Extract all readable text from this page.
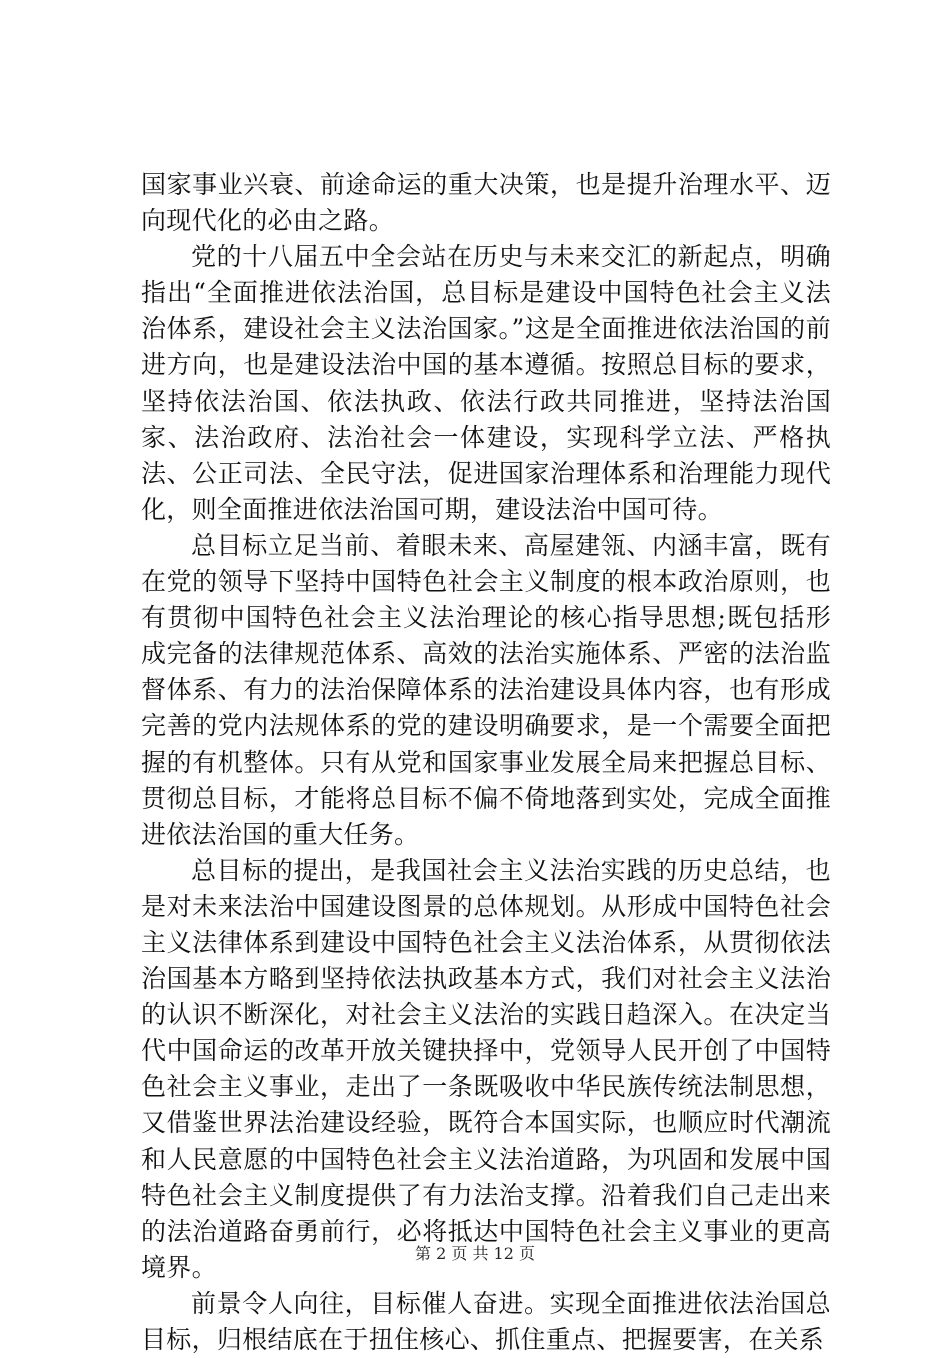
国家事业兴衰、前途命运的重大决策，也是提升治理水平、迈向现代化的必由之路。

党的十八届五中全会站在历史与未来交汇的新起点，明确指出“全面推进依法治国，总目标是建设中国特色社会主义法治体系，建设社会主义法治国家。”这是全面推进依法治国的前进方向，也是建设法治中国的基本遵循。按照总目标的要求，坚持依法治国、依法执政、依法行政共同推进，坚持法治国家、法治政府、法治社会一体建设，实现科学立法、严格执法、公正司法、全民守法，促进国家治理体系和治理能力现代化，则全面推进依法治国可期，建设法治中国可待。

总目标立足当前、着眼未来、高屋建瓴、内涵丰富，既有在党的领导下坚持中国特色社会主义制度的根本政治原则，也有贯彻中国特色社会主义法治理论的核心指导思想;既包括形成完备的法律规范体系、高效的法治实施体系、严密的法治监督体系、有力的法治保障体系的法治建设具体内容，也有形成完善的党内法规体系的党的建设明确要求，是一个需要全面把握的有机整体。只有从党和国家事业发展全局来把握总目标、贯彻总目标，才能将总目标不偏不倚地落到实处，完成全面推进依法治国的重大任务。

总目标的提出，是我国社会主义法治实践的历史总结，也是对未来法治中国建设图景的总体规划。从形成中国特色社会主义法律体系到建设中国特色社会主义法治体系，从贯彻依法治国基本方略到坚持依法执政基本方式，我们对社会主义法治的认识不断深化，对社会主义法治的实践日趋深入。在决定当代中国命运的改革开放关键抉择中，党领导人民开创了中国特色社会主义事业，走出了一条既吸收中华民族传统法制思想，又借鉴世界法治建设经验，既符合本国实际，也顺应时代潮流和人民意愿的中国特色社会主义法治道路，为巩固和发展中国特色社会主义制度提供了有力法治支撑。沿着我们自己走出来的法治道路奋勇前行，必将抵达中国特色社会主义事业的更高境界。

前景令人向往，目标催人奋进。实现全面推进依法治国总目标，归根结底在于扭住核心、抓住重点、把握要害，在关系

第 2 页 共 12 页
